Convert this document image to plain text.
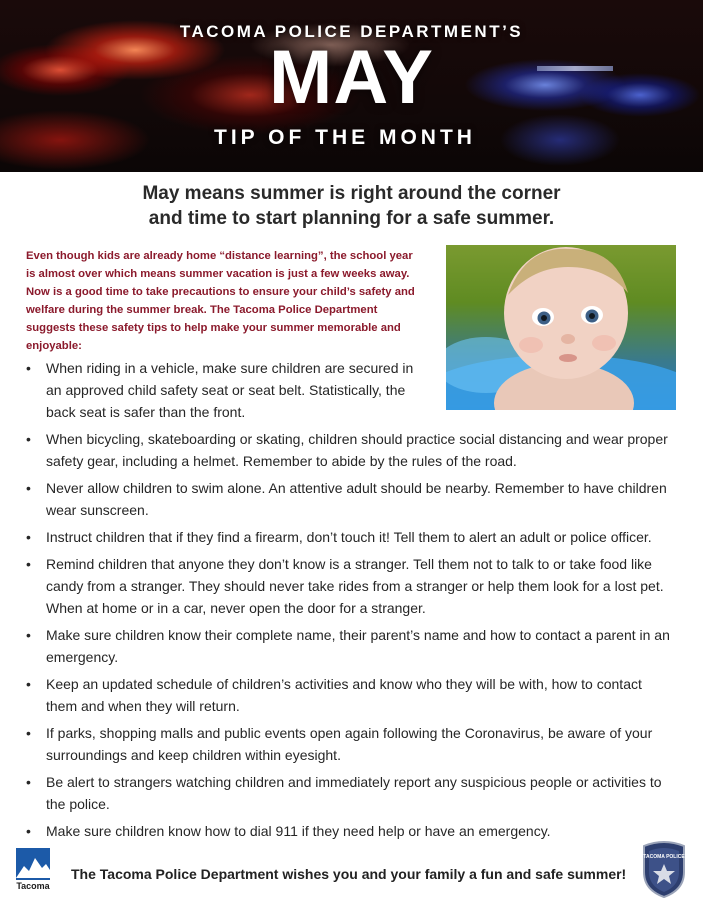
TACOMA POLICE DEPARTMENT’S
MAY
TIP OF THE MONTH
May means summer is right around the corner
and time to start planning for a safe summer.
Even though kids are already home “distance learning”, the school year is almost over which means summer vacation is just a few weeks away. Now is a good time to take precautions to ensure your child’s safety and welfare during the summer break. The Tacoma Police Department suggests these safety tips to help make your summer memorable and enjoyable:
• When riding in a vehicle, make sure children are secured in an approved child safety seat or seat belt. Statistically, the back seat is safer than the front.
• When bicycling, skateboarding or skating, children should practice social distancing and wear proper safety gear, including a helmet. Remember to abide by the rules of the road.
• Never allow children to swim alone. An attentive adult should be nearby. Remember to have children wear sunscreen.
• Instruct children that if they find a firearm, don’t touch it! Tell them to alert an adult or police officer.
• Remind children that anyone they don’t know is a stranger. Tell them not to talk to or take food like candy from a stranger. They should never take rides from a stranger or help them look for a lost pet. When at home or in a car, never open the door for a stranger.
• Make sure children know their complete name, their parent’s name and how to contact a parent in an emergency.
• Keep an updated schedule of children’s activities and know who they will be with, how to contact them and when they will return.
• If parks, shopping malls and public events open again following the Coronavirus, be aware of your surroundings and keep children within eyesight.
• Be alert to strangers watching children and immediately report any suspicious people or activities to the police.
• Make sure children know how to dial 911 if they need help or have an emergency.
Tacoma
The Tacoma Police Department wishes you and your family a fun and safe summer!
TACOMA POLICE
